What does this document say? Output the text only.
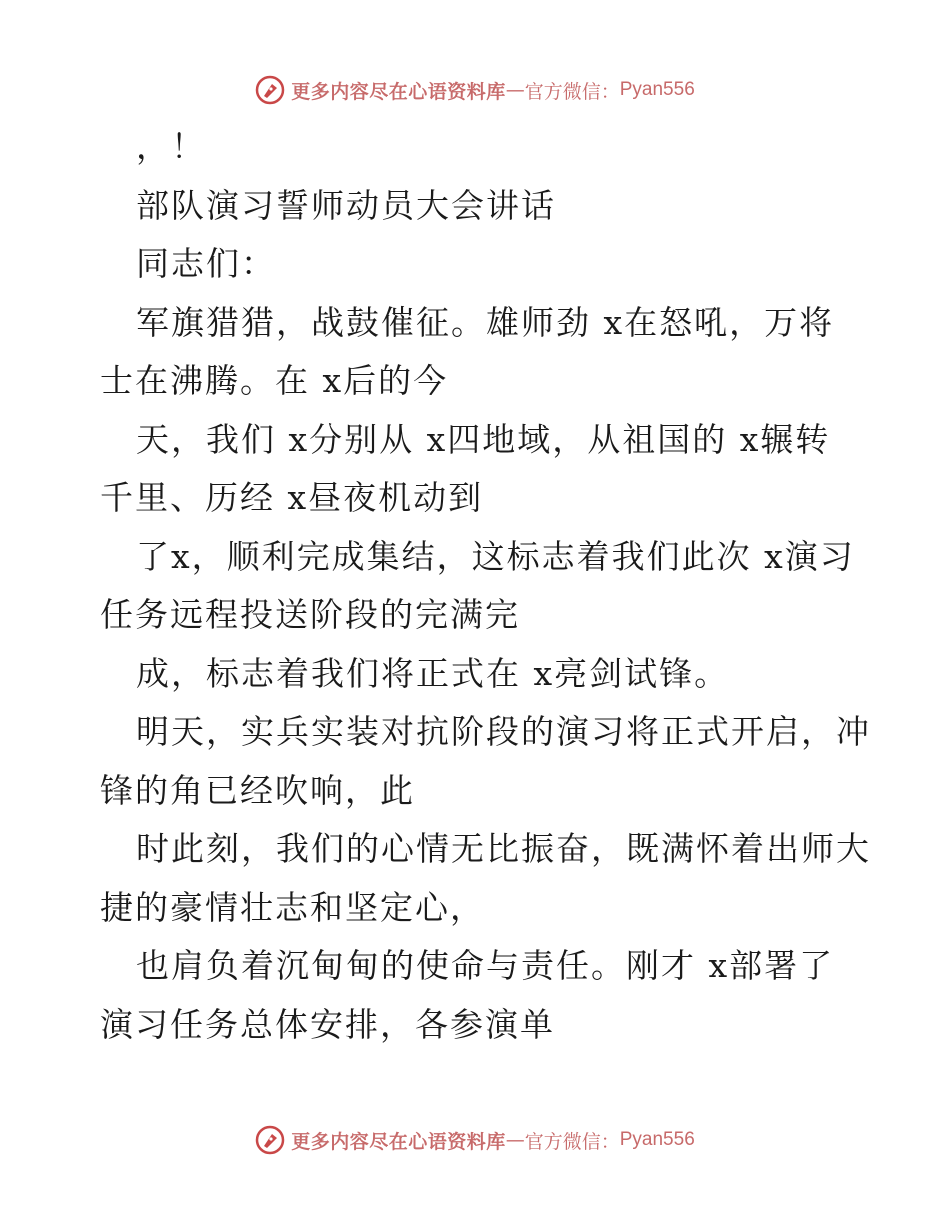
更多内容尽在心语资料库 — 官方微信： Pyan556
，！
部队演习誓师动员大会讲话
同志们：
军旗猎猎，战鼓催征。雄师劲 x在怒吼，万将
士在沸腾。在 x后的今
天，我们 x分别从 x四地域，从祖国的 x辗转
千里、历经 x昼夜机动到
了x，顺利完成集结，这标志着我们此次 x演习
任务远程投送阶段的完满完
成，标志着我们将正式在 x亮剑试锋。
明天，实兵实装对抗阶段的演习将正式开启，冲
锋的角已经吹响，此
时此刻，我们的心情无比振奋，既满怀着出师大
捷的豪情壮志和坚定心，
也肩负着沉甸甸的使命与责任。刚才 x部署了
演习任务总体安排，各参演单
更多内容尽在心语资料库 — 官方微信： Pyan556
